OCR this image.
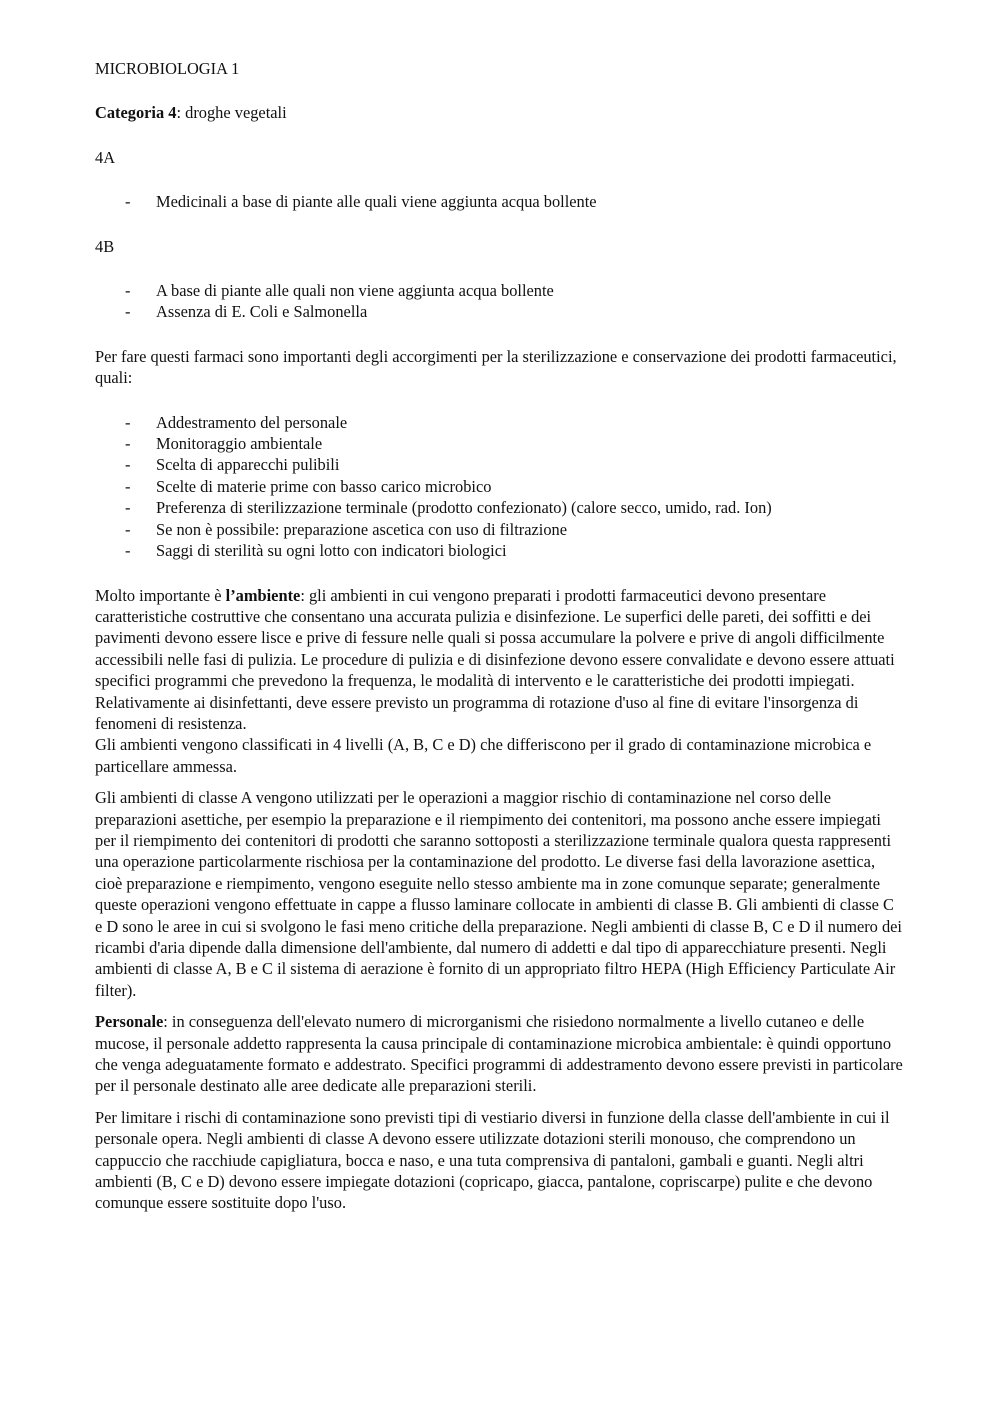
MICROBIOLOGIA 1

Categoria 4: droghe vegetali

4A

- Medicinali a base di piante alle quali viene aggiunta acqua bollente

4B

- A base di piante alle quali non viene aggiunta acqua bollente
- Assenza di E. Coli e Salmonella

Per fare questi farmaci sono importanti degli accorgimenti per la sterilizzazione e conservazione dei prodotti farmaceutici, quali:

- Addestramento del personale
- Monitoraggio ambientale
- Scelta di apparecchi pulibili
- Scelte di materie prime con basso carico microbico
- Preferenza di sterilizzazione terminale (prodotto confezionato) (calore secco, umido, rad. Ion)
- Se non è possibile: preparazione ascetica con uso di filtrazione
- Saggi di sterilità su ogni lotto con indicatori biologici

Molto importante è l’ambiente: gli ambienti in cui vengono preparati i prodotti farmaceutici devono presentare caratteristiche costruttive che consentano una accurata pulizia e disinfezione. Le superfici delle pareti, dei soffitti e dei pavimenti devono essere lisce e prive di fessure nelle quali si possa accumulare la polvere e prive di angoli difficilmente accessibili nelle fasi di pulizia. Le procedure di pulizia e di disinfezione devono essere convalidate e devono essere attuati specifici programmi che prevedono la frequenza, le modalità di intervento e le caratteristiche dei prodotti impiegati. Relativamente ai disinfettanti, deve essere previsto un programma di rotazione d'uso al fine di evitare l'insorgenza di fenomeni di resistenza.

Gli ambienti vengono classificati in 4 livelli (A, B, C e D) che differiscono per il grado di contaminazione microbica e particellare ammessa.

Gli ambienti di classe A vengono utilizzati per le operazioni a maggior rischio di contaminazione nel corso delle preparazioni asettiche, per esempio la preparazione e il riempimento dei contenitori, ma possono anche essere impiegati per il riempimento dei contenitori di prodotti che saranno sottoposti a sterilizzazione terminale qualora questa rappresenti una operazione particolarmente rischiosa per la contaminazione del prodotto. Le diverse fasi della lavorazione asettica, cioè preparazione e riempimento, vengono eseguite nello stesso ambiente ma in zone comunque separate; generalmente queste operazioni vengono effettuate in cappe a flusso laminare collocate in ambienti di classe B. Gli ambienti di classe C e D sono le aree in cui si svolgono le fasi meno critiche della preparazione. Negli ambienti di classe B, C e D il numero dei ricambi d'aria dipende dalla dimensione dell'ambiente, dal numero di addetti e dal tipo di apparecchiature presenti. Negli ambienti di classe A, B e C il sistema di aerazione è fornito di un appropriato filtro HEPA (High Efficiency Particulate Air filter).

Personale: in conseguenza dell'elevato numero di microrganismi che risiedono normalmente a livello cutaneo e delle mucose, il personale addetto rappresenta la causa principale di contaminazione microbica ambientale: è quindi opportuno che venga adeguatamente formato e addestrato. Specifici programmi di addestramento devono essere previsti in particolare per il personale destinato alle aree dedicate alle preparazioni sterili.

Per limitare i rischi di contaminazione sono previsti tipi di vestiario diversi in funzione della classe dell'ambiente in cui il personale opera. Negli ambienti di classe A devono essere utilizzate dotazioni sterili monouso, che comprendono un cappuccio che racchiude capigliatura, bocca e naso, e una tuta comprensiva di pantaloni, gambali e guanti. Negli altri ambienti (B, C e D) devono essere impiegate dotazioni (copricapo, giacca, pantalone, copriscarpe) pulite e che devono comunque essere sostituite dopo l'uso.
